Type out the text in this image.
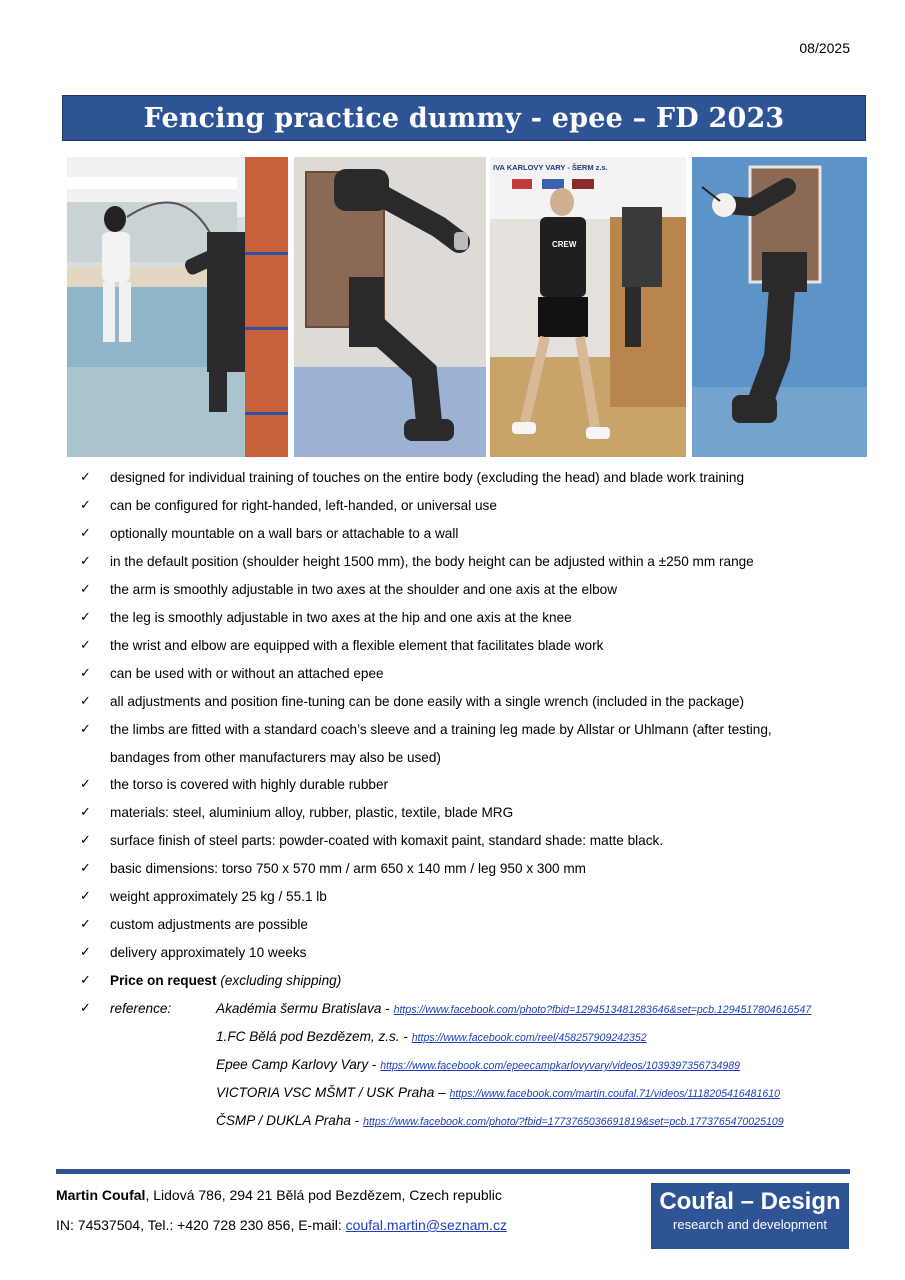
08/2025
Fencing practice dummy - epee – FD 2023
IVA KARLOVY VARY - ŠERM z.s.
CREW
✓	designed for individual training of touches on the entire body (excluding the head) and blade work training
✓	can be configured for right-handed, left-handed, or universal use
✓	optionally mountable on a wall bars or attachable to a wall
✓	in the default position (shoulder height 1500 mm), the body height can be adjusted within a ±250 mm range
✓	the arm is smoothly adjustable in two axes at the shoulder and one axis at the elbow
✓	the leg is smoothly adjustable in two axes at the hip and one axis at the knee
✓	the wrist and elbow are equipped with a flexible element that facilitates blade work
✓	can be used with or without an attached epee
✓	all adjustments and position fine-tuning can be done easily with a single wrench (included in the package)
✓	the limbs are fitted with a standard coach’s sleeve and a training leg made by Allstar or Uhlmann (after testing,
bandages from other manufacturers may also be used)
✓	the torso is covered with highly durable rubber
✓	materials: steel, aluminium alloy, rubber, plastic, textile, blade MRG
✓	surface finish of steel parts: powder-coated with komaxit paint, standard shade: matte black.
✓	basic dimensions: torso 750 x 570 mm / arm 650 x 140 mm / leg 950 x 300 mm
✓	weight approximately 25 kg / 55.1 lb
✓	custom adjustments are possible
✓	delivery approximately 10 weeks
✓	Price on request (excluding shipping)
✓	reference:	Akadémia šermu Bratislava - https://www.facebook.com/photo?fbid=1294513481283646&set=pcb.1294517804616547
1.FC Bělá pod Bezdězem, z.s. - https://www.facebook.com/reel/458257909242352
Epee Camp Karlovy Vary - https://www.facebook.com/epeecampkarlovyvary/videos/1039397356734989
VICTORIA VSC MŠMT / USK Praha – https://www.facebook.com/martin.coufal.71/videos/1118205416481610
ČSMP / DUKLA Praha - https://www.facebook.com/photo/?fbid=1773765036691819&set=pcb.1773765470025109
Martin Coufal, Lidová 786, 294 21 Bělá pod Bezdězem, Czech republic
IN: 74537504, Tel.: +420 728 230 856, E-mail: coufal.martin@seznam.cz
Coufal – Design
research and development
